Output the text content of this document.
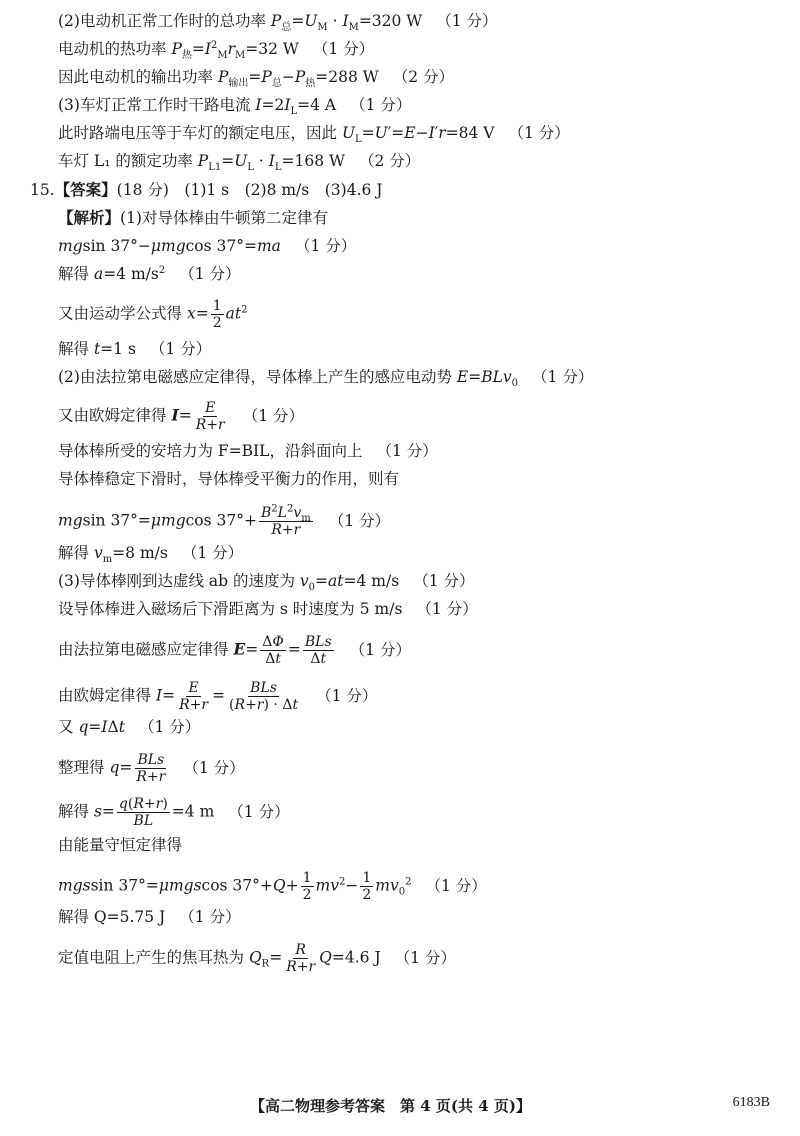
(2)电动机正常工作时的总功率 $P_总=U_M \cdot I_M=320$ W （1 分）
电动机的热功率 $P_热=I^2_Mr_M=32$ W （1 分）
因此电动机的输出功率 $P_{输出}=P_总-P_热=288$ W （2 分）
(3)车灯正常工作时干路电流 $I=2I_L=4$ A （1 分）
此时路端电压等于车灯的额定电压，因此 $U_L=U'=E-I'r=84$ V （1 分）
车灯 L₁ 的额定功率 $P_{L1}=U_L \cdot I_L=168$ W （2 分）
15.【答案】(18 分)　(1)1 s　(2)8 m/s　(3)4.6 J
【解析】(1)对导体棒由牛顿第二定律有
mgsin 37°−μmgcos 37°=ma （1 分）
解得 a=4 $m/s^2$ （1 分）
又由运动学公式得 $x= \frac{1}{2} at^2$
解得 t=1 s （1 分）
(2)由法拉第电磁感应定律得，导体棒上产生的感应电动势 E=BLv$_0$ （1 分）
又由欧姆定律得 $I= \frac{E}{R+r} (1$ 分）
导体棒所受的安培力为 F=BIL，沿斜面向上 （1 分）
导体棒稳定下滑时，导体棒受平衡力的作用，则有
mgsin 37°=μmgcos $37^\circ+ \frac{B^2L^2v_m}{R+r} (1$ 分）
解得 $v_m=8$ m/s （1 分）
(3)导体棒刚到达虚线 ab 的速度为 $v_0=at=4$ m/s （1 分）
设导体棒进入磁场后下滑距离为 s 时速度为 5 m/s （1 分）
由法拉第电磁感应定律得 $E= \frac{\Delta\Phi}{\Delta t} = \frac{\text{BLs}}{\Delta t} (1$ 分）
由欧姆定律得 $I= \frac{E}{R+r} = \frac{\text{BLs}}{(R+r) \cdot \Delta t} (1$ 分）
又 q=IΔt （1 分）
整理得 $q= \frac{\text{BLs}}{R+r} (1$ 分）
解得 $s= \frac{q(R+r)}{BL} =4$ m （1 分）
由能量守恒定律得
mgssin 37°=μmgscos $37^\circ+Q+ \frac{1}{2} mv^2- \frac{1}{2} mv_0^2$ （1 分）
解得 Q=5.75 J （1 分）
定值电阻上产生的焦耳热为 $Q_R= \frac{R}{R+r} Q=4.6$ J （1 分）
【高二物理参考答案　第 4 页(共 4 页)】	6183B
